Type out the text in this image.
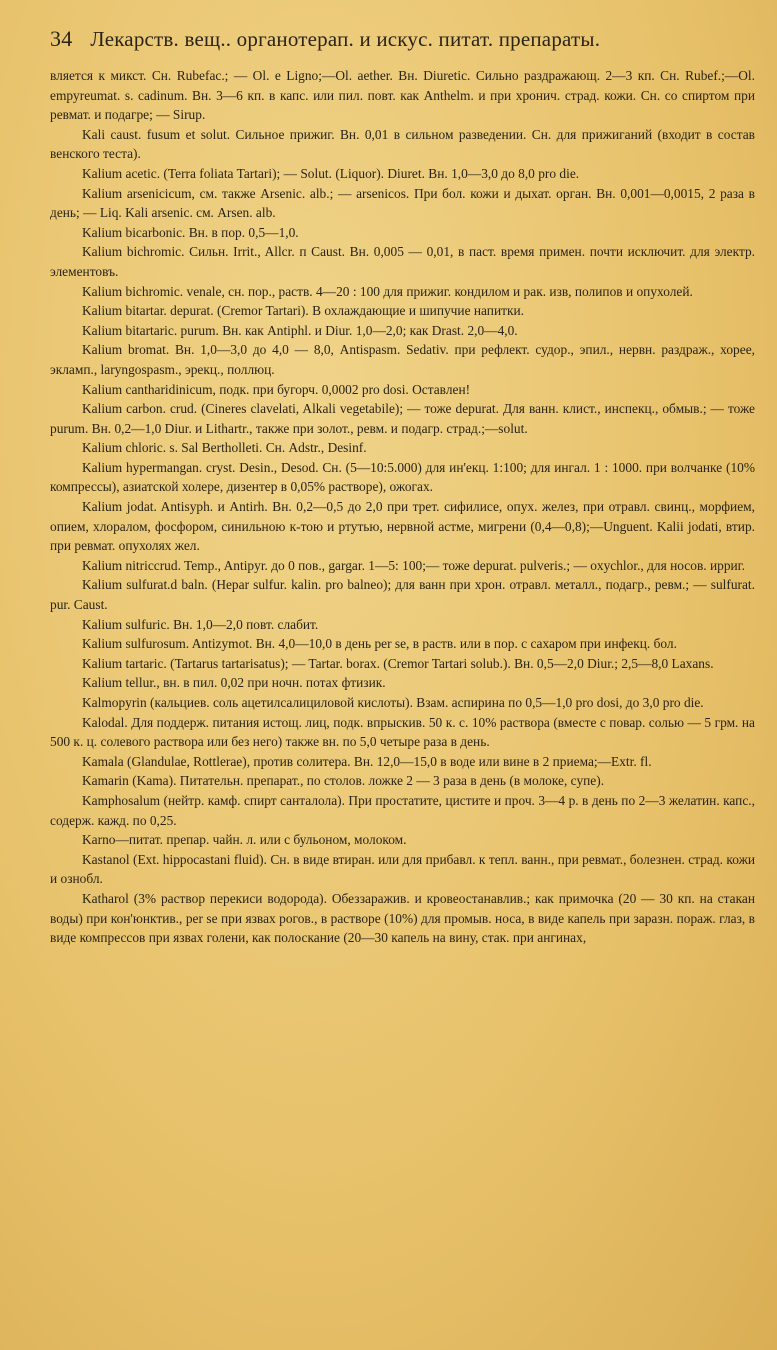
34 Лекарств. вещ.. органотерап. и искус. питат. препараты.

вляется к микст. Сн. Rubefac.; — Ol. e Ligno;—Ol. aether. Вн. Diuretic. Сильно раздражающ. 2—3 кп. Сн. Rubef.;—Ol. empyreumat. s. cadinum. Вн. 3—6 кп. в капс. или пил. повт. как Anthelm. и при хронич. страд. кожи. Сн. со спиртом при ревмат. и подагре; — Sirup.

Kali caust. fusum et solut. Сильное прижиг. Вн. 0,01 в сильном разведении. Сн. для прижиганий (входит в состав венского теста).

Kalium acetic. (Terra foliata Tartari); — Solut. (Liquor). Diuret. Вн. 1,0—3,0 до 8,0 pro die.

Kalium arsenicicum, см. также Arsenic. alb.; — arsenicos. При бол. кожи и дыхат. орган. Вн. 0,001—0,0015, 2 раза в день; — Liq. Kali arsenic. см. Arsen. alb.

Kalium bicarbonic. Вн. в пор. 0,5—1,0.

Kalium bichromic. Сильн. Irrit., Allcr. п Caust. Вн. 0,005 — 0,01, в паст. время примен. почти исключит. для электр. элементовъ.

Kalium bichromic. venale, сн. пор., раств. 4—20 : 100 для прижиг. кондилом и рак. изв, полипов и опухолей.

Kalium bitartar. depurat. (Cremor Tartari). В охлаждающие и шипучие напитки.

Kalium bitartaric. purum. Вн. как Antiphl. и Diur. 1,0—2,0; как Drast. 2,0—4,0.

Kalium bromat. Вн. 1,0—3,0 до 4,0 — 8,0, Antispasm. Sedativ. при рефлект. судор., эпил., нервн. раздраж., хорее, экламп., laryngospasm., эрекц., поллюц.

Kalium cantharidinicum, подк. при бугорч. 0,0002 pro dosi. Оставлен!

Kalium carbon. crud. (Cineres clavelati, Alkali vegetabile); — тоже depurat. Для ванн. клист., инспекц., обмыв.; — тоже purum. Вн. 0,2—1,0 Diur. и Lithartr., также при золот., ревм. и подагр. страд.;—solut.

Kalium chloric. s. Sal Bertholleti. Сн. Adstr., Desinf.

Kalium hypermangan. cryst. Desin., Desod. Сн. (5—10:5.000) для ин'екц. 1:100; для ингал. 1 : 1000. при волчанке (10% компрессы), азиатской холере, дизентер в 0,05% растворе), ожогах.

Kalium jodat. Antisyph. и Antirh. Вн. 0,2—0,5 до 2,0 при трет. сифилисе, опух. желез, при отравл. свинц., морфием, опием, хлоралом, фосфором, синильною к-тою и ртутью, нервной астме, мигрени (0,4—0,8);—Unguent. Kalii jodati, втир. при ревмат. опухолях жел.

Kalium nitriccrud. Temp., Antipyr. до 0 пов., gargar. 1—5: 100;— тоже depurat. pulveris.; — oxychlor., для носов. ирриг.

Kalium sulfurat.d baln. (Hepar sulfur. kalin. pro balneo); для ванн при хрон. отравл. металл., подагр., ревм.; — sulfurat. pur. Caust.

Kalium sulfuric. Вн. 1,0—2,0 повт. слабит.

Kalium sulfurosum. Antizymot. Вн. 4,0—10,0 в день per se, в раств. или в пор. с сахаром при инфекц. бол.

Kalium tartaric. (Tartarus tartarisatus); — Tartar. borax. (Cremor Tartari solub.). Вн. 0,5—2,0 Diur.; 2,5—8,0 Laxans.

Kalium tellur., вн. в пил. 0,02 при ночн. потах фтизик.

Kalmopyrin (кальциев. соль ацетилсалициловой кислоты). Взам. аспирина по 0,5—1,0 pro dosi, до 3,0 pro die.

Kalodal. Для поддерж. питания истощ. лиц, подк. впрыскив. 50 к. с. 10% раствора (вместе с повар. солью — 5 грм. на 500 к. ц. солевого раствора или без него) также вн. по 5,0 четыре раза в день.

Kamala (Glandulae, Rottlerae), против солитера. Вн. 12,0—15,0 в воде или вине в 2 приема;—Extr. fl.

Kamarin (Kama). Питательн. препарат., по столов. ложке 2 — 3 раза в день (в молоке, супе).

Kamphosalum (нейтр. камф. спирт санталола). При простатите, цистите и проч. 3—4 р. в день по 2—3 желатин. капс., содерж. кажд. по 0,25.

Karno—питат. препар. чайн. л. или с бульоном, молоком.

Kastanol (Ext. hippocastani fluid). Сн. в виде втиран. или для прибавл. к тепл. ванн., при ревмат., болезнен. страд. кожи и ознобл.

Katharol (3% раствор перекиси водорода). Обеззаражив. и кровеостанавлив.; как примочка (20 — 30 кп. на стакан воды) при кон'юнктив., per se при язвах рогов., в растворе (10%) для промыв. носа, в виде капель при заразн. пораж. глаз, в виде компрессов при язвах голени, как полоскание (20—30 капель на вину, стак. при ангинах,
